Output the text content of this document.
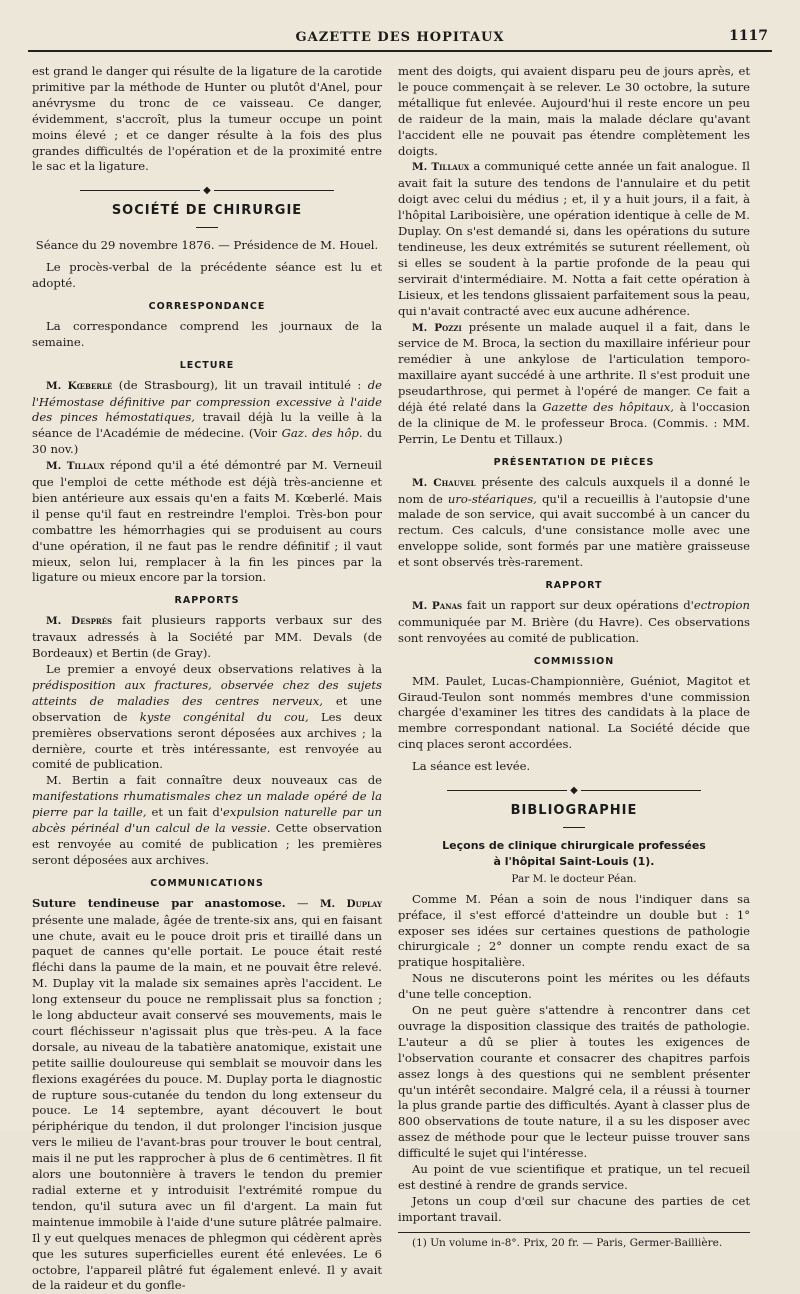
GAZETTE DES HOPITAUX	1117

est grand le danger qui résulte de la ligature de la carotide primitive par la méthode de Hunter ou plutôt d'Anel, pour anévrysme du tronc de ce vaisseau. Ce danger, évidemment, s'accroît, plus la tumeur occupe un point moins élevé ; et ce danger résulte à la fois des plus grandes difficultés de l'opération et de la proximité entre le sac et la ligature.

◆
SOCIÉTÉ DE CHIRURGIE

Séance du 29 novembre 1876. — Présidence de M. Houel.

Le procès-verbal de la précédente séance est lu et adopté.

CORRESPONDANCE

La correspondance comprend les journaux de la semaine.

LECTURE

M. Kœberlé (de Strasbourg), lit un travail intitulé : de l'Hémostase définitive par compression excessive à l'aide des pinces hémostatiques, travail déjà lu la veille à la séance de l'Académie de médecine. (Voir Gaz. des hôp. du 30 nov.)

M. Tillaux répond qu'il a été démontré par M. Verneuil que l'emploi de cette méthode est déjà très-ancienne et bien antérieure aux essais qu'en a faits M. Kœberlé. Mais il pense qu'il faut en restreindre l'emploi. Très-bon pour combattre les hémorrhagies qui se produisent au cours d'une opération, il ne faut pas le rendre définitif ; il vaut mieux, selon lui, remplacer à la fin les pinces par la ligature ou mieux encore par la torsion.

RAPPORTS

M. Després fait plusieurs rapports verbaux sur des travaux adressés à la Société par MM. Devals (de Bordeaux) et Bertin (de Gray).

Le premier a envoyé deux observations relatives à la prédisposition aux fractures, observée chez des sujets atteints de maladies des centres nerveux, et une observation de kyste congénital du cou, Les deux premières observations seront déposées aux archives ; la dernière, courte et très intéressante, est renvoyée au comité de publication.

M. Bertin a fait connaître deux nouveaux cas de manifestations rhumatismales chez un malade opéré de la pierre par la taille, et un fait d'expulsion naturelle par un abcès périnéal d'un calcul de la vessie. Cette observation est renvoyée au comité de publication ; les premières seront déposées aux archives.

COMMUNICATIONS

Suture tendineuse par anastomose. — M. Duplay présente une malade, âgée de trente-six ans, qui en faisant une chute, avait eu le pouce droit pris et tiraillé dans un paquet de cannes qu'elle portait. Le pouce était resté fléchi dans la paume de la main, et ne pouvait être relevé. M. Duplay vit la malade six semaines après l'accident. Le long extenseur du pouce ne remplissait plus sa fonction ; le long abducteur avait conservé ses mouvements, mais le court fléchisseur n'agissait plus que très-peu. A la face dorsale, au niveau de la tabatière anatomique, existait une petite saillie douloureuse qui semblait se mouvoir dans les flexions exagérées du pouce. M. Duplay porta le diagnostic de rupture sous-cutanée du tendon du long extenseur du pouce. Le 14 septembre, ayant découvert le bout périphérique du tendon, il dut prolonger l'incision jusque vers le milieu de l'avant-bras pour trouver le bout central, mais il ne put les rapprocher à plus de 6 centimètres. Il fit alors une boutonnière à travers le tendon du premier radial externe et y introduisit l'extrémité rompue du tendon, qu'il sutura avec un fil d'argent. La main fut maintenue immobile à l'aide d'une suture plâtrée palmaire. Il y eut quelques menaces de phlegmon qui cédèrent après que les sutures superficielles eurent été enlevées. Le 6 octobre, l'appareil plâtré fut également enlevé. Il y avait de la raideur et du gonfle-

ment des doigts, qui avaient disparu peu de jours après, et le pouce commençait à se relever. Le 30 octobre, la suture métallique fut enlevée. Aujourd'hui il reste encore un peu de raideur de la main, mais la malade déclare qu'avant l'accident elle ne pouvait pas étendre complètement les doigts.

M. Tillaux a communiqué cette année un fait analogue. Il avait fait la suture des tendons de l'annulaire et du petit doigt avec celui du médius ; et, il y a huit jours, il a fait, à l'hôpital Lariboisière, une opération identique à celle de M. Duplay. On s'est demandé si, dans les opérations du suture tendineuse, les deux extrémités se suturent réellement, où si elles se soudent à la partie profonde de la peau qui servirait d'intermédiaire. M. Notta a fait cette opération à Lisieux, et les tendons glissaient parfaitement sous la peau, qui n'avait contracté avec eux aucune adhérence.

M. Pozzi présente un malade auquel il a fait, dans le service de M. Broca, la section du maxillaire inférieur pour remédier à une ankylose de l'articulation temporo-maxillaire ayant succédé à une arthrite. Il s'est produit une pseudarthrose, qui permet à l'opéré de manger. Ce fait a déjà été relaté dans la Gazette des hôpitaux, à l'occasion de la clinique de M. le professeur Broca. (Commis. : MM. Perrin, Le Dentu et Tillaux.)

PRÉSENTATION DE PIÈCES

M. Chauvel présente des calculs auxquels il a donné le nom de uro-stéariques, qu'il a recueillis à l'autopsie d'une malade de son service, qui avait succombé à un cancer du rectum. Ces calculs, d'une consistance molle avec une enveloppe solide, sont formés par une matière graisseuse et sont observés très-rarement.

RAPPORT

M. Panas fait un rapport sur deux opérations d'ectropion communiquée par M. Brière (du Havre). Ces observations sont renvoyées au comité de publication.

COMMISSION

MM. Paulet, Lucas-Championnière, Guéniot, Magitot et Giraud-Teulon sont nommés membres d'une commission chargée d'examiner les titres des candidats à la place de membre correspondant national. La Société décide que cinq places seront accordées.

La séance est levée.

◆
BIBLIOGRAPHIE

Leçons de clinique chirurgicale professées

à l'hôpital Saint-Louis (1).

Par M. le docteur Péan.

Comme M. Péan a soin de nous l'indiquer dans sa préface, il s'est efforcé d'atteindre un double but : 1° exposer ses idées sur certaines questions de pathologie chirurgicale ; 2° donner un compte rendu exact de sa pratique hospitalière.

Nous ne discuterons point les mérites ou les défauts d'une telle conception.

On ne peut guère s'attendre à rencontrer dans cet ouvrage la disposition classique des traités de pathologie. L'auteur a dû se plier à toutes les exigences de l'observation courante et consacrer des chapitres parfois assez longs à des questions qui ne semblent présenter qu'un intérêt secondaire. Malgré cela, il a réussi à tourner la plus grande partie des difficultés. Ayant à classer plus de 800 observations de toute nature, il a su les disposer avec assez de méthode pour que le lecteur puisse trouver sans difficulté le sujet qui l'intéresse.

Au point de vue scientifique et pratique, un tel recueil est destiné à rendre de grands service.

Jetons un coup d'œil sur chacune des parties de cet important travail.

(1) Un volume in-8°. Prix, 20 fr. — Paris, Germer-Baillière.
